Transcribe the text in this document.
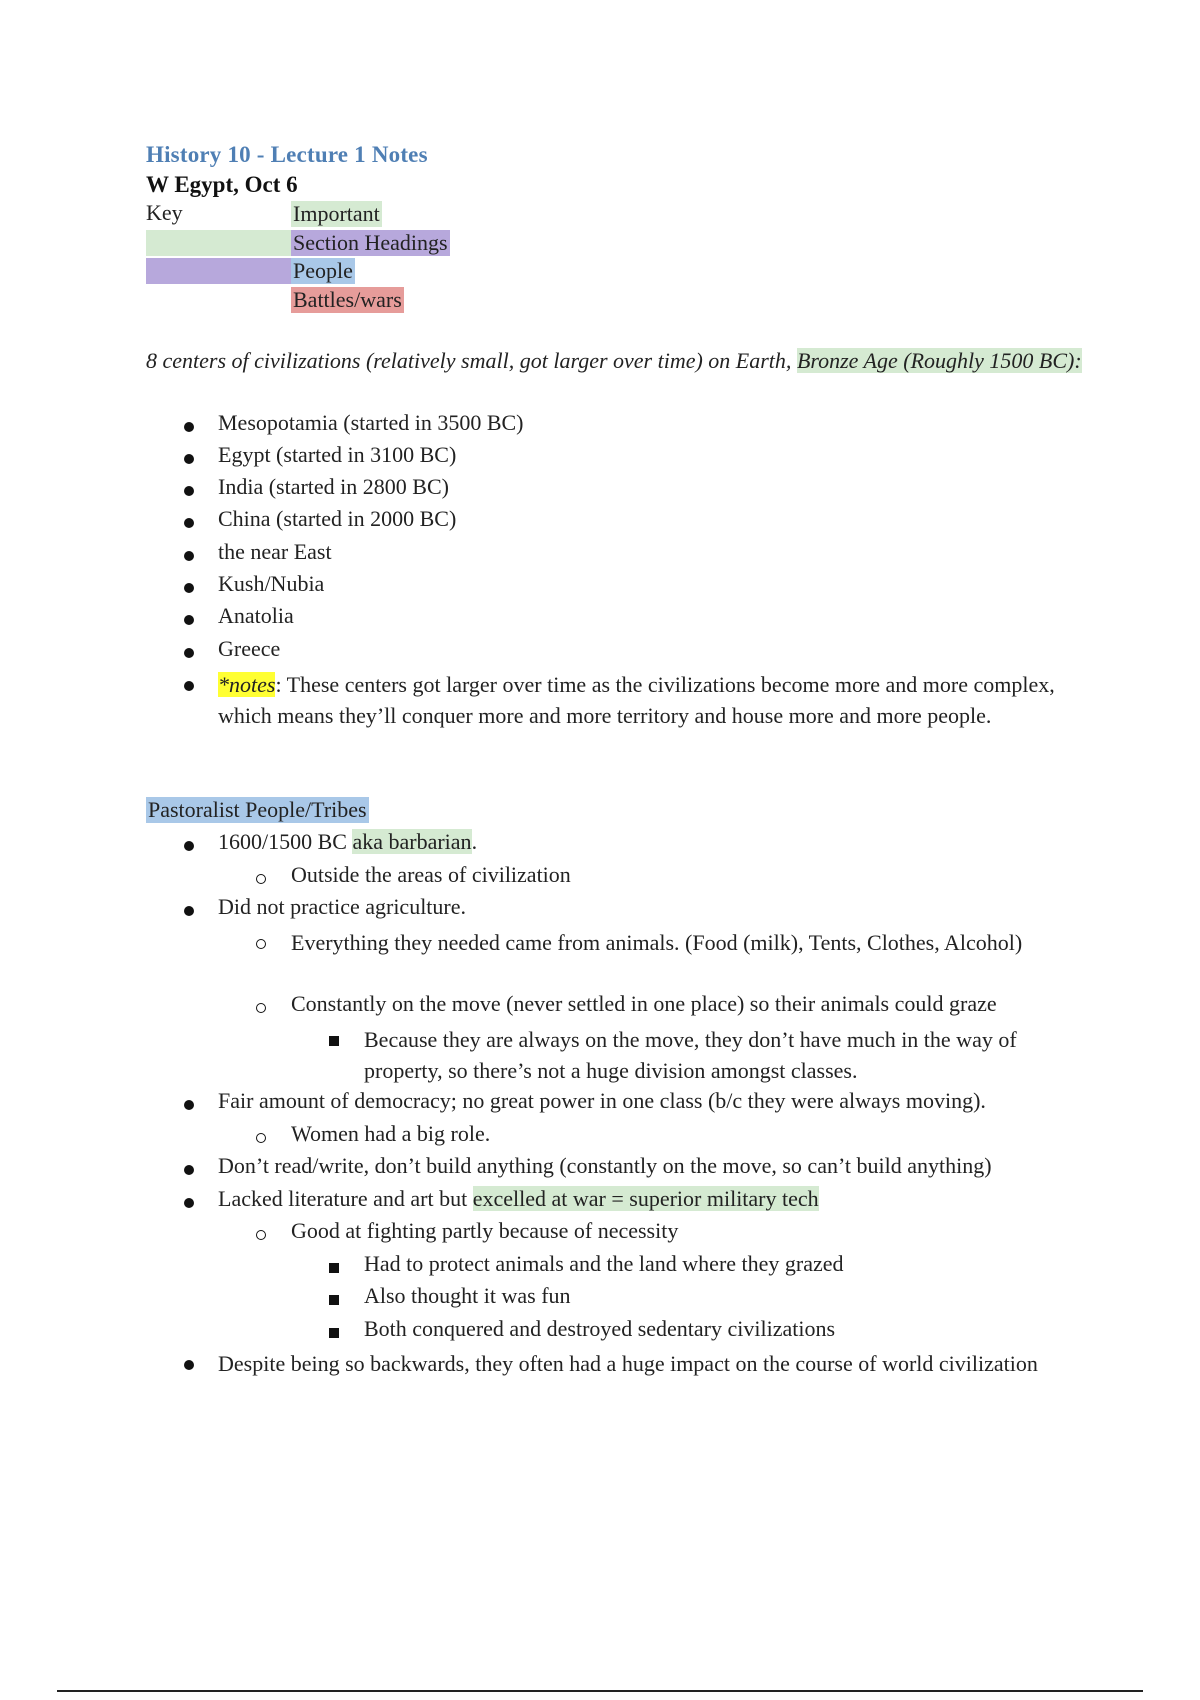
History 10 - Lecture 1 Notes
W Egypt, Oct 6
Key	Important
Section Headings
People
Battles/wars
8 centers of civilizations (relatively small, got larger over time) on Earth, Bronze Age (Roughly 1500 BC):
Mesopotamia (started in 3500 BC)
Egypt (started in 3100 BC)
India (started in 2800 BC)
China (started in 2000 BC)
the near East
Kush/Nubia
Anatolia
Greece
*notes: These centers got larger over time as the civilizations become more and more complex, which means they’ll conquer more and more territory and house more and more people.
Pastoralist People/Tribes
1600/1500 BC aka barbarian.
Outside the areas of civilization
Did not practice agriculture.
Everything they needed came from animals. (Food (milk), Tents, Clothes, Alcohol)
Constantly on the move (never settled in one place) so their animals could graze
Because they are always on the move, they don’t have much in the way of property, so there’s not a huge division amongst classes.
Fair amount of democracy; no great power in one class (b/c they were always moving).
Women had a big role.
Don’t read/write, don’t build anything (constantly on the move, so can’t build anything)
Lacked literature and art but excelled at war = superior military tech
Good at fighting partly because of necessity
Had to protect animals and the land where they grazed
Also thought it was fun
Both conquered and destroyed sedentary civilizations
Despite being so backwards, they often had a huge impact on the course of world civilization
